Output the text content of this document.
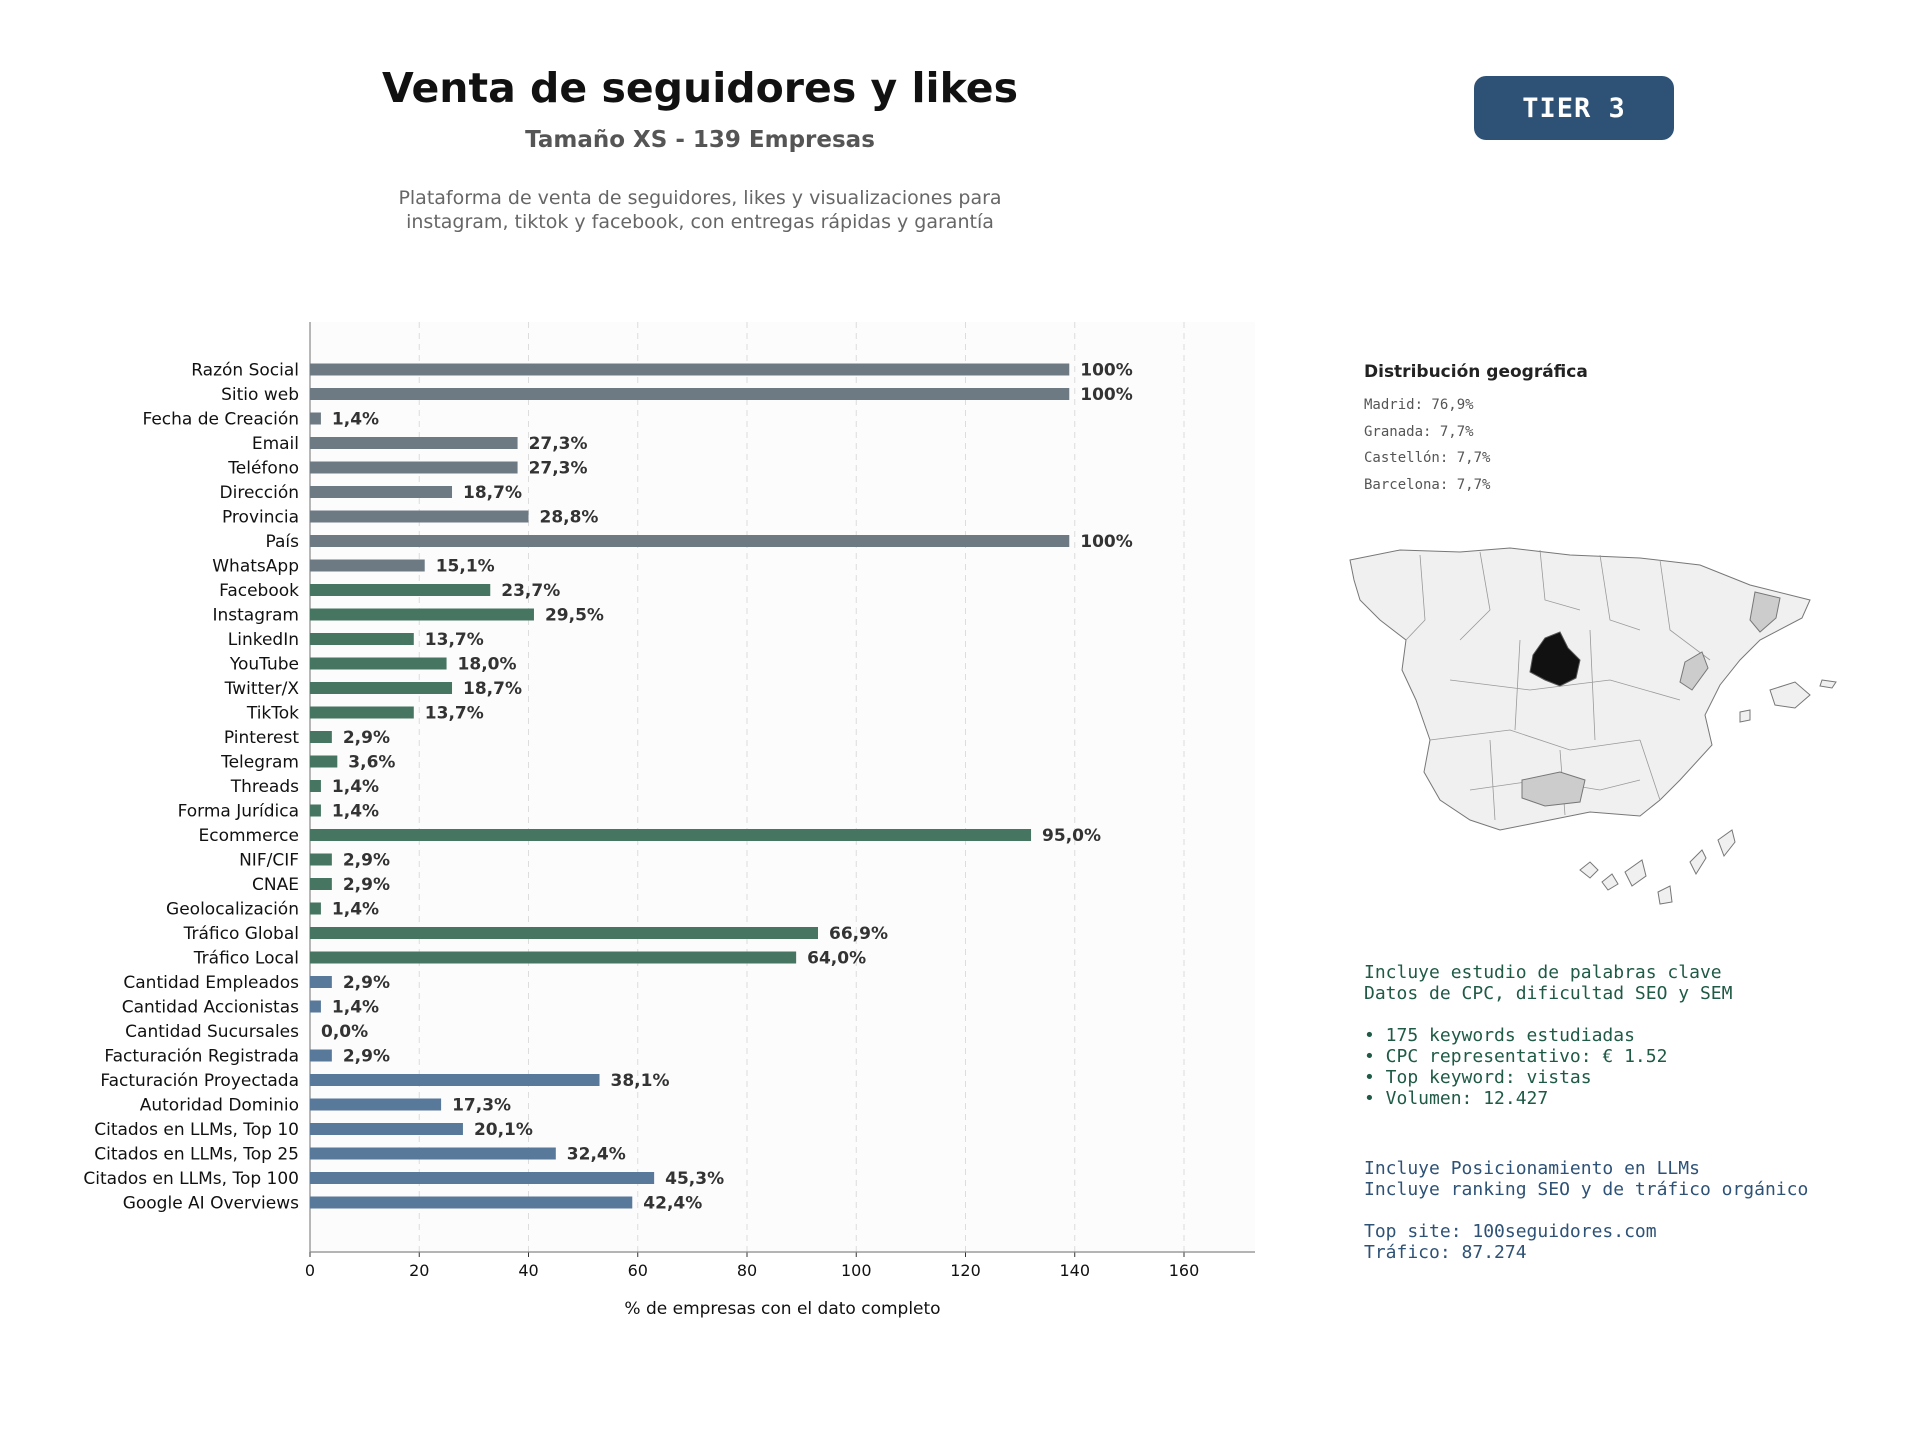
Venta de seguidores y likes
Tamaño XS - 139 Empresas
Plataforma de venta de seguidores, likes y visualizaciones para
instagram, tiktok y facebook, con entregas rápidas y garantía
TIER 3
0	20	40	60	80	100	120	140	160
Razón Social	100%
Sitio web	100%
Fecha de Creación 1,4%
Email	27,3%
Teléfono	27,3%
Dirección	18,7%
Provincia	28,8%
País	100%
WhatsApp	15,1%
Facebook	23,7%
Instagram	29,5%
LinkedIn	13,7%
YouTube	18,0%
Twitter/X	18,7%
TikTok	13,7%
Pinterest	2,9%
Telegram	3,6%
Threads 1,4%
Forma Jurídica 1,4%
Ecommerce	95,0%
NIF/CIF	2,9%
CNAE	2,9%
Geolocalización 1,4%
Tráfico Global	66,9%
Tráfico Local	64,0%
Cantidad Empleados	2,9%
Cantidad Accionistas 1,4%
Cantidad Sucursales 0,0%
Facturación Registrada	2,9%
Facturación Proyectada	38,1%
Autoridad Dominio	17,3%
Citados en LLMs, Top 10	20,1%
Citados en LLMs, Top 25	32,4%
Citados en LLMs, Top 100	45,3%
Google AI Overviews	42,4%
% de empresas con el dato completo
Distribución geográfica
Madrid: 76,9%
Granada: 7,7%
Castellón: 7,7%
Barcelona: 7,7%
Incluye estudio de palabras clave
Datos de CPC, dificultad SEO y SEM

• 175 keywords estudiadas
• CPC representativo: € 1.52
• Top keyword: vistas
• Volumen: 12.427
Incluye Posicionamiento en LLMs
Incluye ranking SEO y de tráfico orgánico

Top site: 100seguidores.com
Tráfico: 87.274
